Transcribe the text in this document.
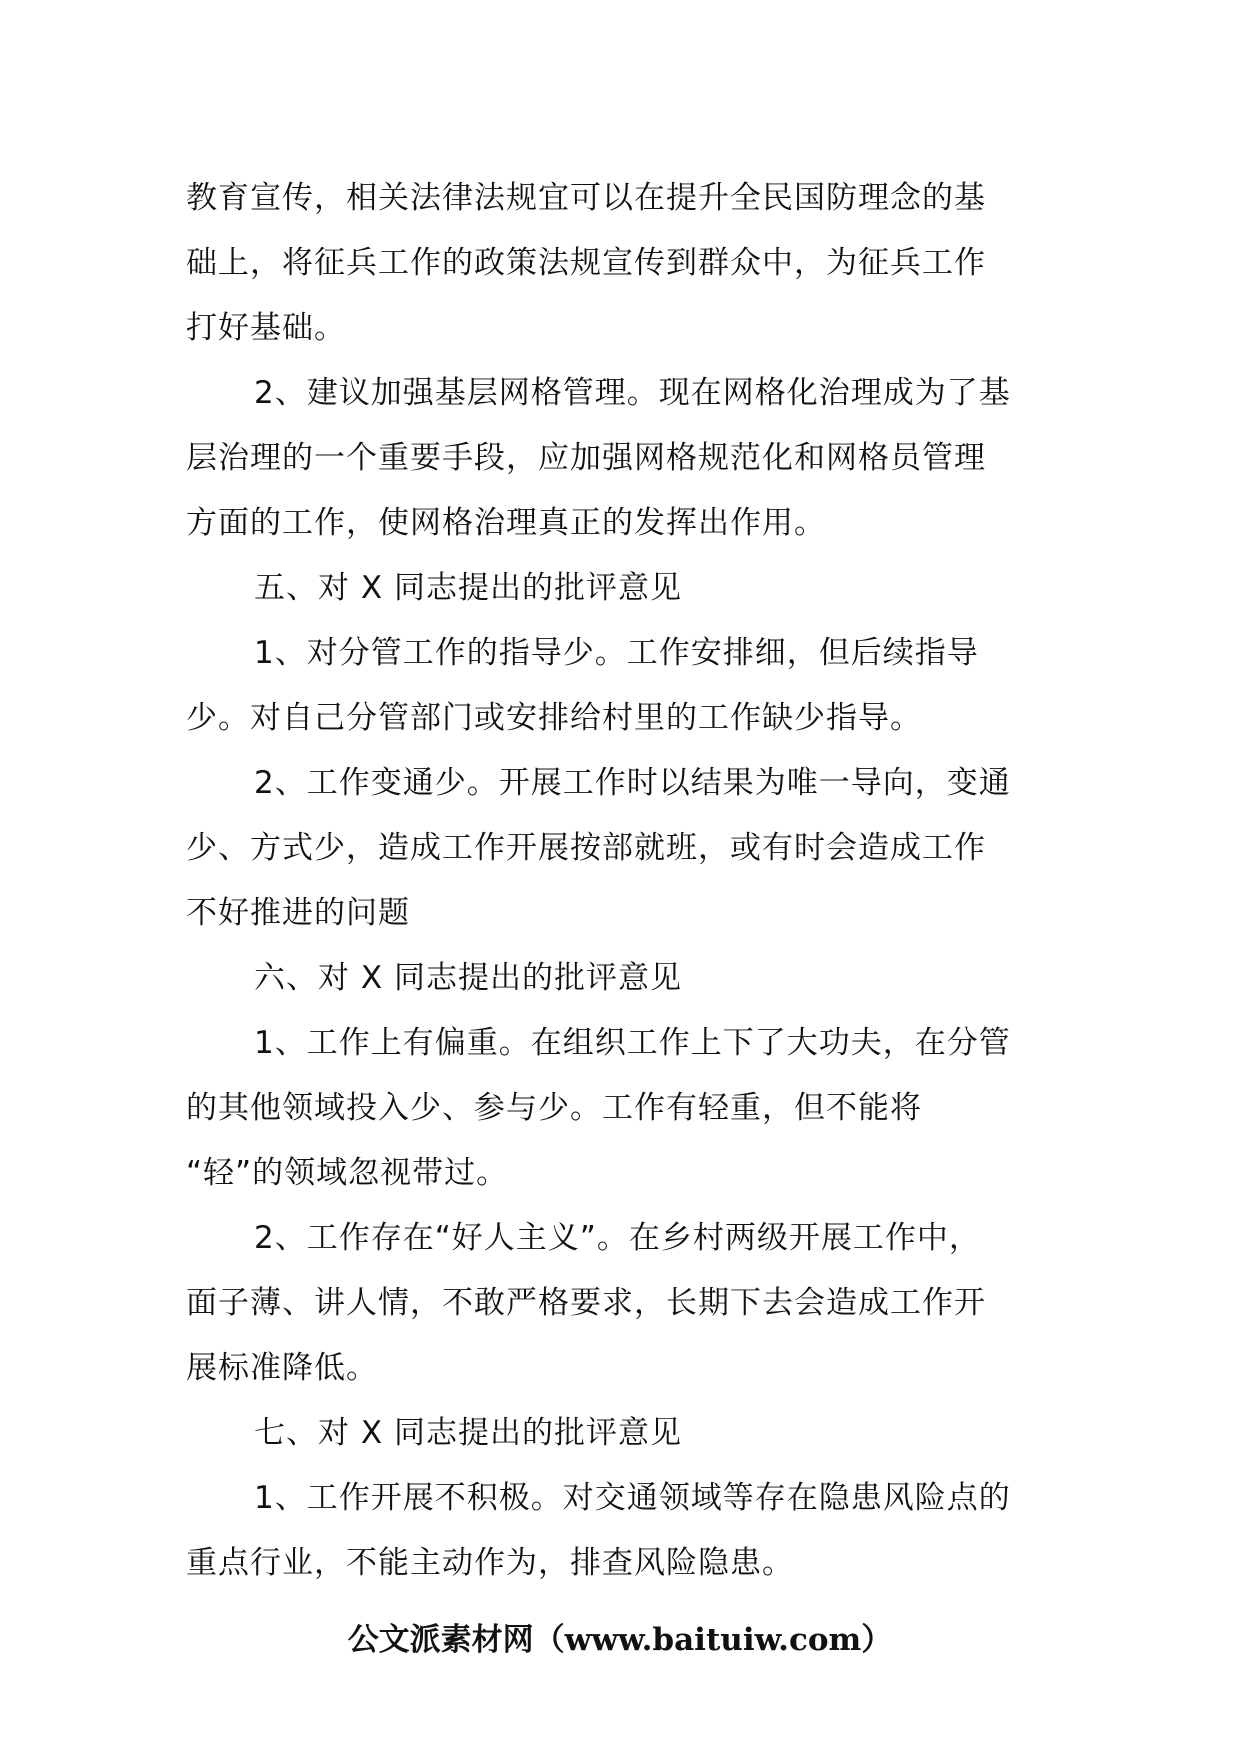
教育宣传，相关法律法规宜可以在提升全民国防理念的基
础上，将征兵工作的政策法规宣传到群众中，为征兵工作
打好基础。
2、建议加强基层网格管理。现在网格化治理成为了基
层治理的一个重要手段，应加强网格规范化和网格员管理
方面的工作，使网格治理真正的发挥出作用。
五、对 X 同志提出的批评意见
1、对分管工作的指导少。工作安排细，但后续指导
少。对自己分管部门或安排给村里的工作缺少指导。
2、工作变通少。开展工作时以结果为唯一导向，变通
少、方式少，造成工作开展按部就班，或有时会造成工作
不好推进的问题
六、对 X 同志提出的批评意见
1、工作上有偏重。在组织工作上下了大功夫，在分管
的其他领域投入少、参与少。工作有轻重，但不能将
“轻”的领域忽视带过。
2、工作存在“好人主义”。在乡村两级开展工作中，
面子薄、讲人情，不敢严格要求，长期下去会造成工作开
展标准降低。
七、对 X 同志提出的批评意见
1、工作开展不积极。对交通领域等存在隐患风险点的
重点行业，不能主动作为，排查风险隐患。
公文派素材网（www.baituiw.com）
